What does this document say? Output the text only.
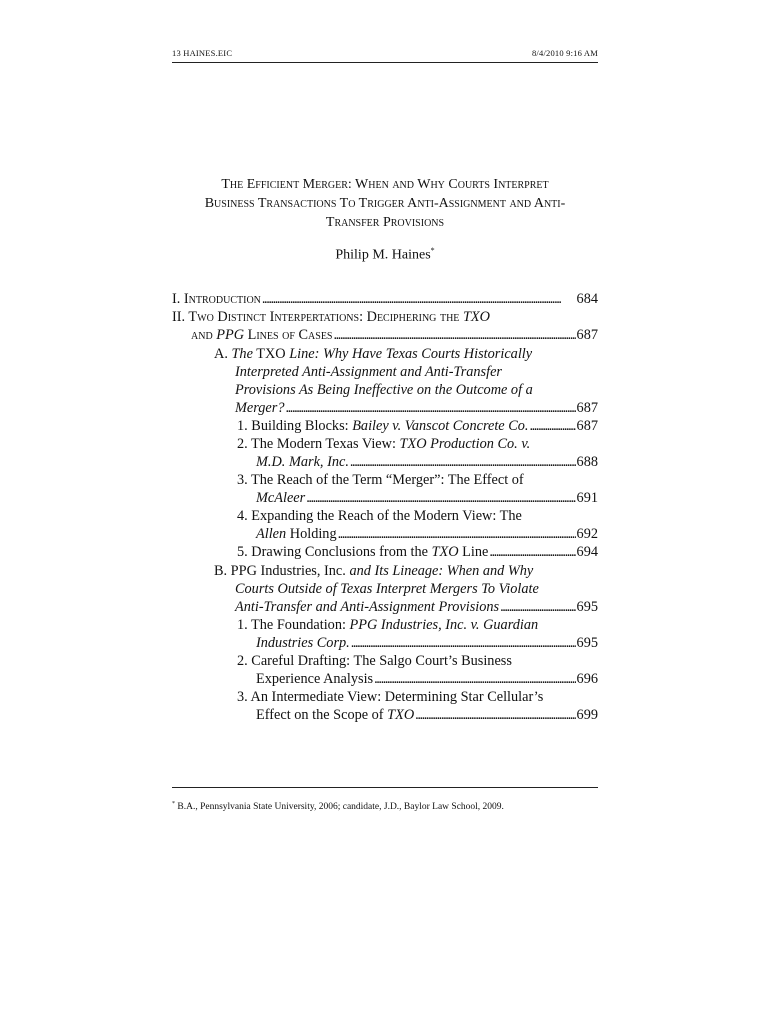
13 HAINES.EIC	8/4/2010 9:16 AM
The Efficient Merger: When and Why Courts Interpret
Business Transactions To Trigger Anti-Assignment and Anti-
Transfer Provisions
Philip M. Haines*
I. Introduction . . .	684
II. Two Distinct Interpertations: Deciphering the TXO
and PPG Lines of Cases . . .	687
A. The TXO Line: Why Have Texas Courts Historically
Interpreted Anti-Assignment and Anti-Transfer
Provisions As Being Ineffective on the Outcome of a
Merger? . . .	687
1. Building Blocks: Bailey v. Vanscot Concrete Co. . . .	687
2. The Modern Texas View: TXO Production Co. v.
M.D. Mark, Inc. . . .	688
3. The Reach of the Term “Merger”: The Effect of
McAleer . . .	691
4. Expanding the Reach of the Modern View: The
Allen Holding . . .	692
5. Drawing Conclusions from the TXO Line . . .	694
B. PPG Industries, Inc. and Its Lineage: When and Why
Courts Outside of Texas Interpret Mergers To Violate
Anti-Transfer and Anti-Assignment Provisions . . .	695
1. The Foundation: PPG Industries, Inc. v. Guardian
Industries Corp. . . .	695
2. Careful Drafting: The Salgo Court’s Business
Experience Analysis . . .	696
3. An Intermediate View: Determining Star Cellular’s
Effect on the Scope of TXO . . .	699
* B.A., Pennsylvania State University, 2006; candidate, J.D., Baylor Law School, 2009.
